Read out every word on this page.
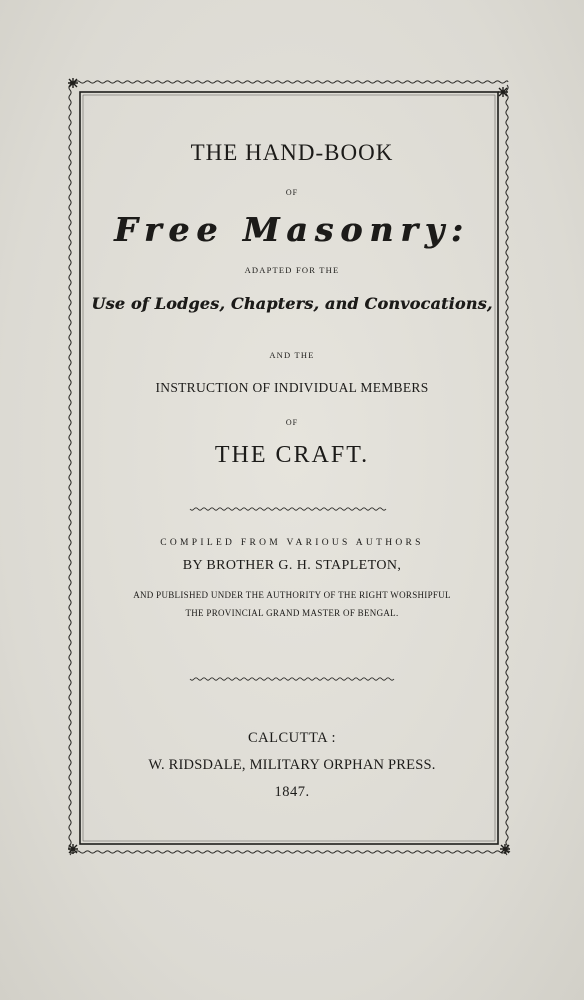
THE HAND-BOOK
OF
Free Masonry:
ADAPTED FOR THE
Use of Lodges, Chapters, and Convocations,
AND THE
INSTRUCTION OF INDIVIDUAL MEMBERS
OF
THE CRAFT.
COMPILED FROM VARIOUS AUTHORS
BY BROTHER G. H. STAPLETON,
AND PUBLISHED UNDER THE AUTHORITY OF THE RIGHT WORSHIPFUL
THE PROVINCIAL GRAND MASTER OF BENGAL.
CALCUTTA :
W. RIDSDALE, MILITARY ORPHAN PRESS.
1847.
